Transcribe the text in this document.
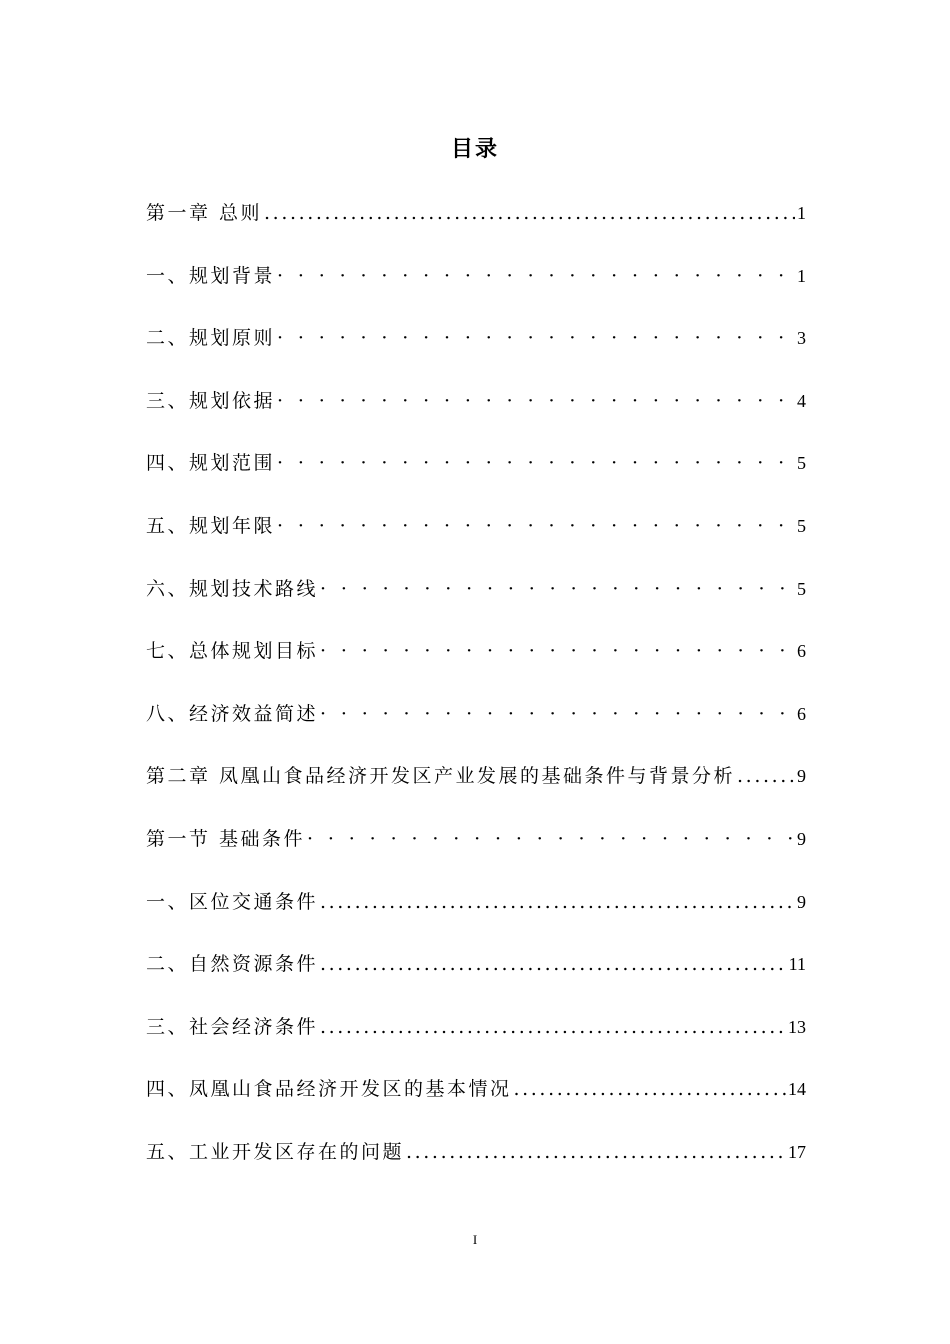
目录
第一章 总则 .....	1
一、规划背景 · · ·	1
二、规划原则 · · ·	3
三、规划依据 · · ·	4
四、规划范围 · · ·	5
五、规划年限 · · ·	5
六、规划技术路线 · · ·	5
七、总体规划目标 · · ·	6
八、经济效益简述 · · ·	6
第二章 凤凰山食品经济开发区产业发展的基础条件与背景分析 .....	9
第一节 基础条件 · · ·	9
一、区位交通条件 .....	9
二、自然资源条件 .....	11
三、社会经济条件 .....	13
四、凤凰山食品经济开发区的基本情况 .....	14
五、工业开发区存在的问题 .....	17
I
